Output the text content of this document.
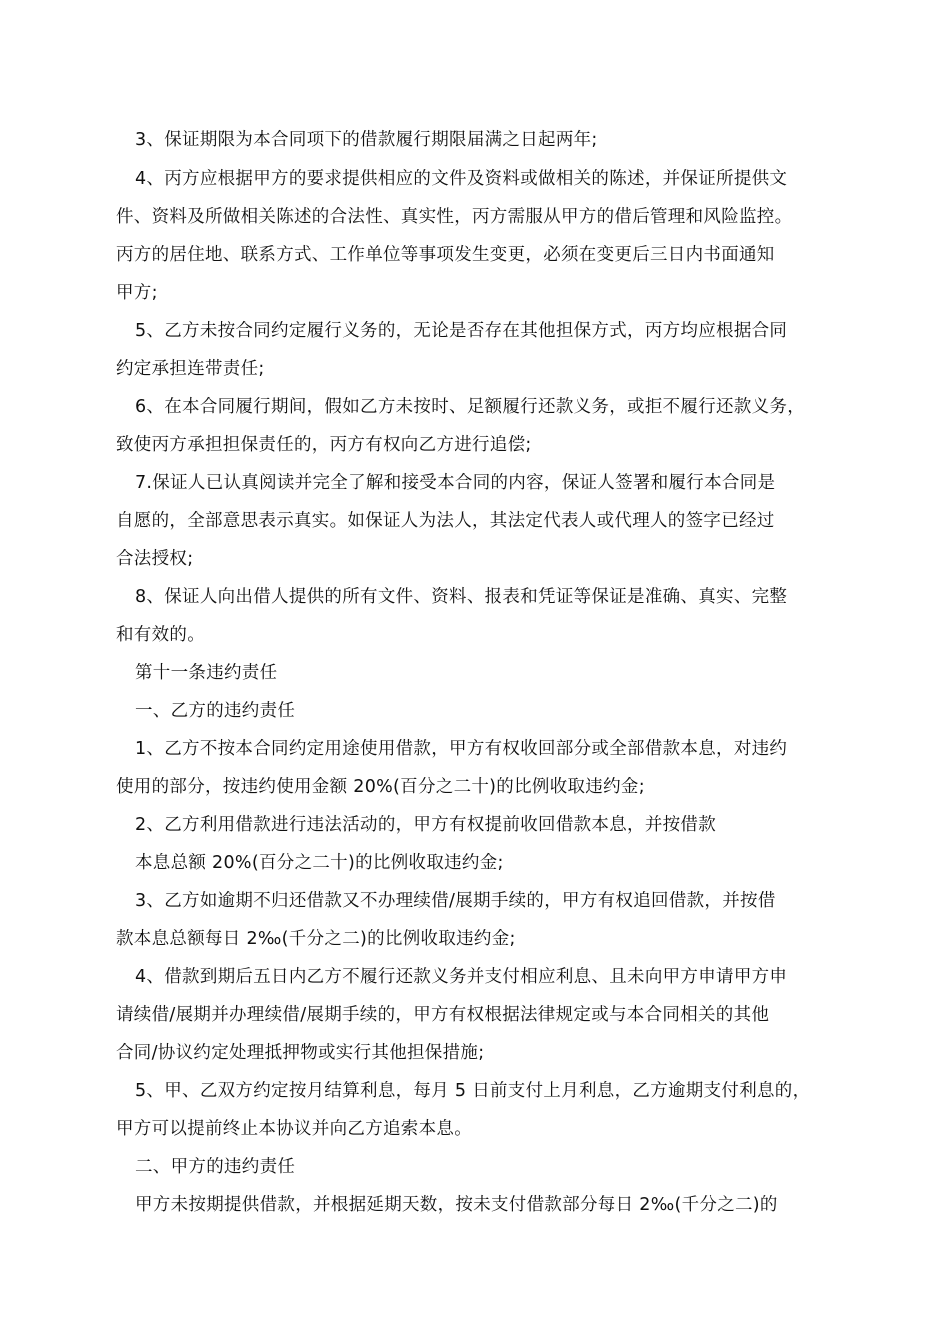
3、保证期限为本合同项下的借款履行期限届满之日起两年;
4、丙方应根据甲方的要求提供相应的文件及资料或做相关的陈述，并保证所提供文
件、资料及所做相关陈述的合法性、真实性，丙方需服从甲方的借后管理和风险监控。
丙方的居住地、联系方式、工作单位等事项发生变更，必须在变更后三日内书面通知
甲方;
5、乙方未按合同约定履行义务的，无论是否存在其他担保方式，丙方均应根据合同
约定承担连带责任;
6、在本合同履行期间，假如乙方未按时、足额履行还款义务，或拒不履行还款义务，
致使丙方承担担保责任的，丙方有权向乙方进行追偿;
7.保证人已认真阅读并完全了解和接受本合同的内容，保证人签署和履行本合同是
自愿的，全部意思表示真实。如保证人为法人，其法定代表人或代理人的签字已经过
合法授权;
8、保证人向出借人提供的所有文件、资料、报表和凭证等保证是准确、真实、完整
和有效的。
第十一条违约责任
一、乙方的违约责任
1、乙方不按本合同约定用途使用借款，甲方有权收回部分或全部借款本息，对违约
使用的部分，按违约使用金额 20%(百分之二十)的比例收取违约金;
2、乙方利用借款进行违法活动的，甲方有权提前收回借款本息，并按借款
本息总额 20%(百分之二十)的比例收取违约金;
3、乙方如逾期不归还借款又不办理续借/展期手续的，甲方有权追回借款，并按借
款本息总额每日 2‰(千分之二)的比例收取违约金;
4、借款到期后五日内乙方不履行还款义务并支付相应利息、且未向甲方申请甲方申
请续借/展期并办理续借/展期手续的，甲方有权根据法律规定或与本合同相关的其他
合同/协议约定处理抵押物或实行其他担保措施;
5、甲、乙双方约定按月结算利息，每月 5 日前支付上月利息，乙方逾期支付利息的，
甲方可以提前终止本协议并向乙方追索本息。
二、甲方的违约责任
甲方未按期提供借款，并根据延期天数，按未支付借款部分每日 2‰(千分之二)的
